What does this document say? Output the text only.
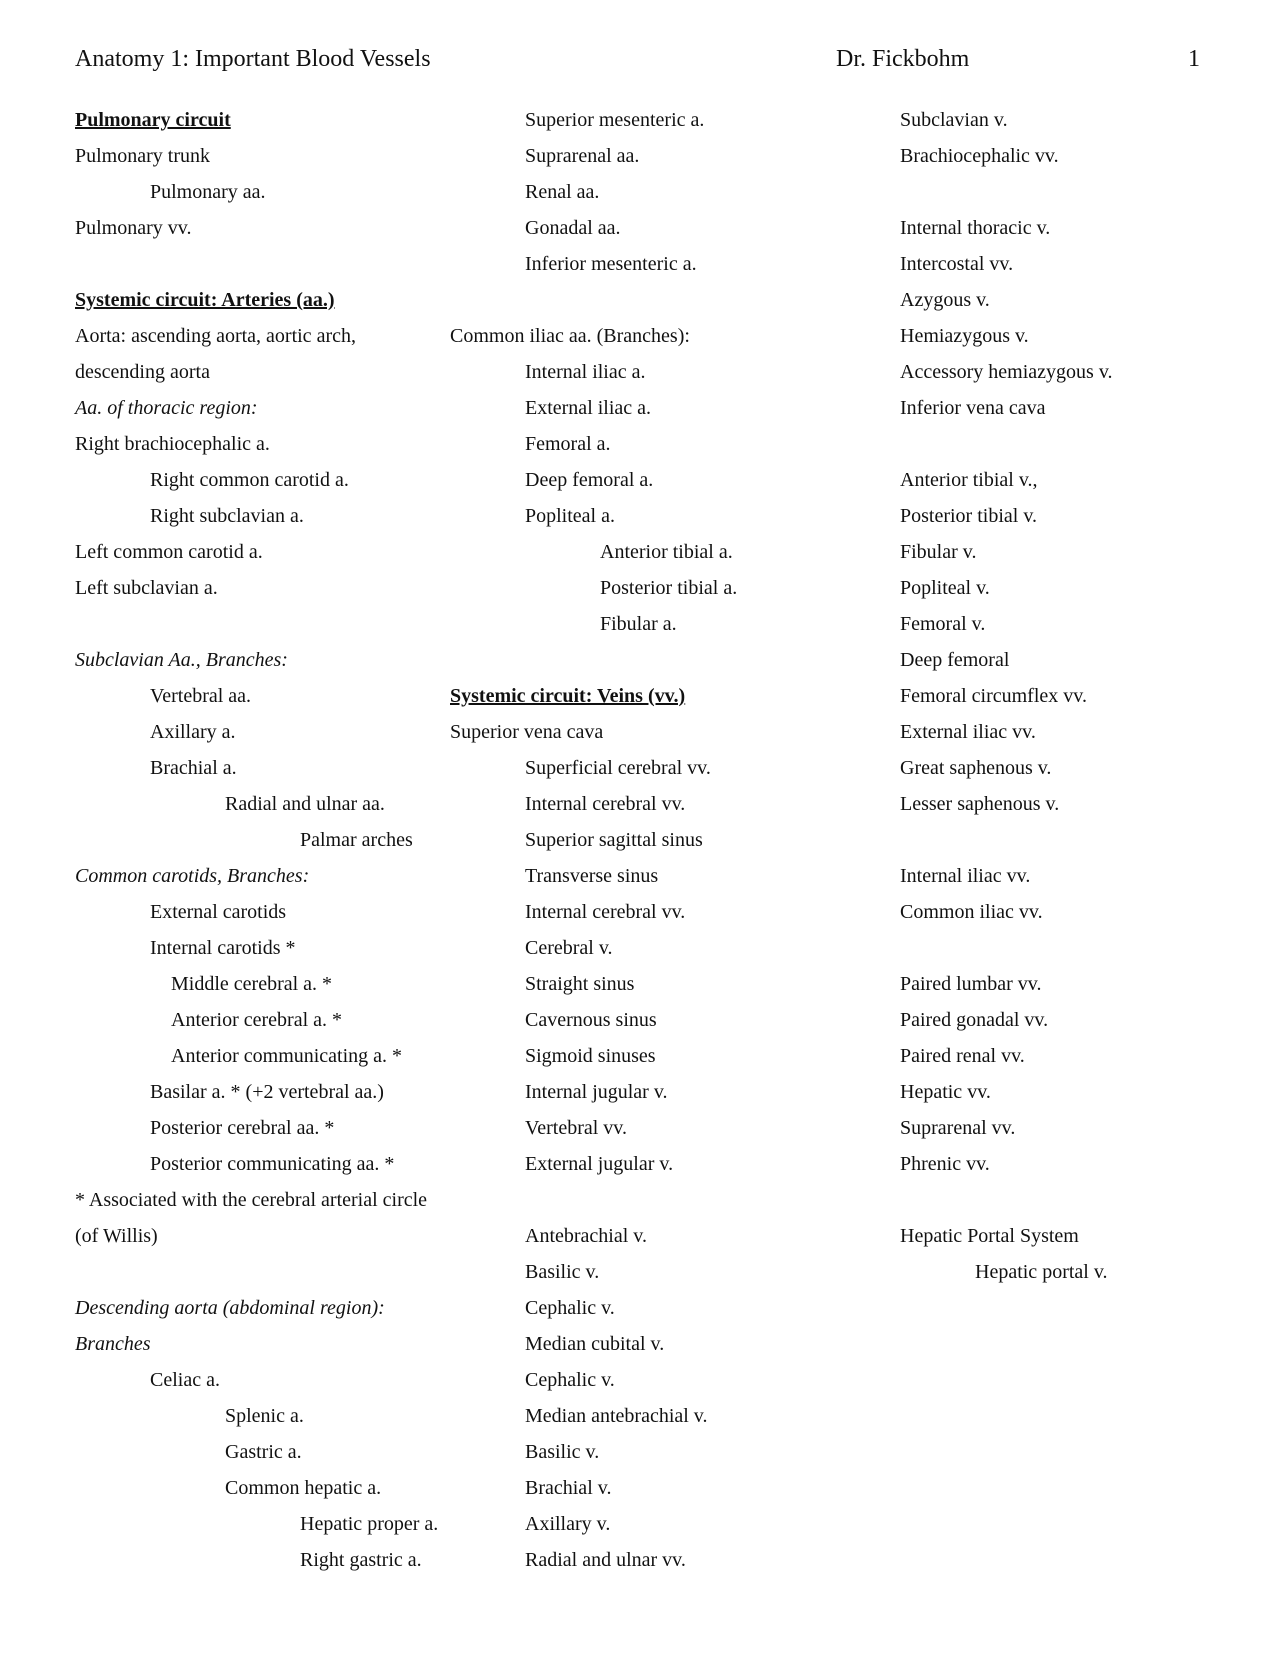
Anatomy 1: Important Blood Vessels	Dr. Fickbohm	1
Pulmonary circuit
Pulmonary trunk
Pulmonary aa.
Pulmonary vv.
Systemic circuit: Arteries (aa.)
Aorta: ascending aorta, aortic arch,
descending aorta
Aa. of thoracic region:
Right brachiocephalic a.
Right common carotid a.
Right subclavian a.
Left common carotid a.
Left subclavian a.
Subclavian Aa., Branches:
Vertebral aa.
Axillary a.
Brachial a.
Radial and ulnar aa.
Palmar arches
Common carotids, Branches:
External carotids
Internal carotids *
Middle cerebral a. *
Anterior cerebral a. *
Anterior communicating a. *
Basilar a. * (+2 vertebral aa.)
Posterior cerebral aa. *
Posterior communicating aa. *
* Associated with the cerebral arterial circle
(of Willis)
Descending aorta (abdominal region):
Branches
Celiac a.
Splenic a.
Gastric a.
Common hepatic a.
Hepatic proper a.
Right gastric a.
Superior mesenteric a.
Suprarenal aa.
Renal aa.
Gonadal aa.
Inferior mesenteric a.
Common iliac aa. (Branches):
Internal iliac a.
External iliac a.
Femoral a.
Deep femoral a.
Popliteal a.
Anterior tibial a.
Posterior tibial a.
Fibular a.
Systemic circuit: Veins (vv.)
Superior vena cava
Superficial cerebral vv.
Internal cerebral vv.
Superior sagittal sinus
Transverse sinus
Internal cerebral vv.
Cerebral v.
Straight sinus
Cavernous sinus
Sigmoid sinuses
Internal jugular v.
Vertebral vv.
External jugular v.
Antebrachial v.
Basilic v.
Cephalic v.
Median cubital v.
Cephalic v.
Median antebrachial v.
Basilic v.
Brachial v.
Axillary v.
Radial and ulnar vv.
Subclavian v.
Brachiocephalic vv.
Internal thoracic v.
Intercostal vv.
Azygous v.
Hemiazygous v.
Accessory hemiazygous v.
Inferior vena cava
Anterior tibial v.,
Posterior tibial v.
Fibular v.
Popliteal v.
Femoral v.
Deep femoral
Femoral circumflex vv.
External iliac vv.
Great saphenous v.
Lesser saphenous v.
Internal iliac vv.
Common iliac vv.
Paired lumbar vv.
Paired gonadal vv.
Paired renal vv.
Hepatic vv.
Suprarenal vv.
Phrenic vv.
Hepatic Portal System
Hepatic portal v.
